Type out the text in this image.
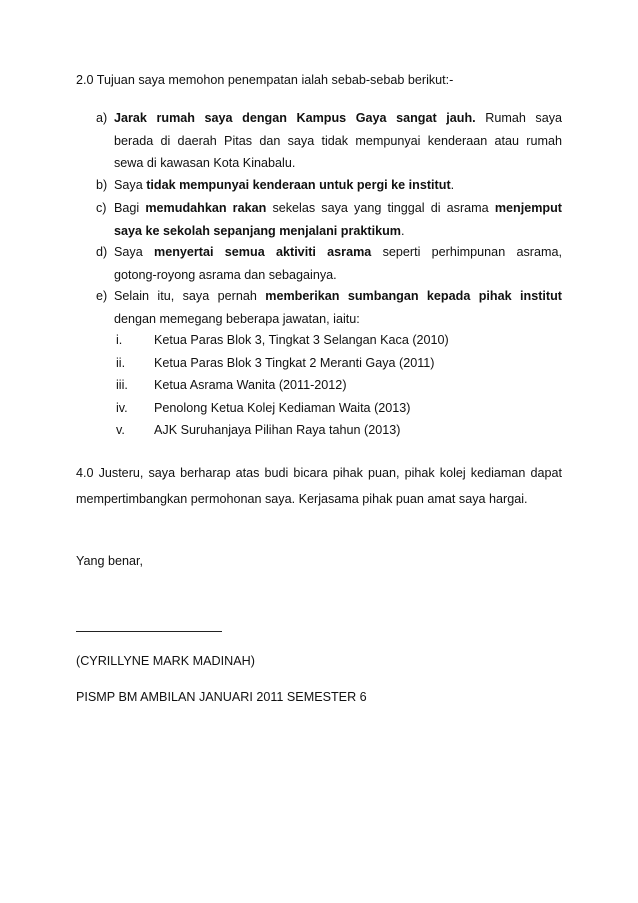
2.0 Tujuan saya memohon penempatan ialah sebab-sebab berikut:-

a) Jarak rumah saya dengan Kampus Gaya sangat jauh. Rumah saya
berada di daerah Pitas dan saya tidak mempunyai kenderaan atau rumah
sewa di kawasan Kota Kinabalu.
b) Saya tidak mempunyai kenderaan untuk pergi ke institut.
c) Bagi memudahkan rakan sekelas saya yang tinggal di asrama menjemput
saya ke sekolah sepanjang menjalani praktikum.
d) Saya menyertai semua aktiviti asrama seperti perhimpunan asrama,
gotong-royong asrama dan sebagainya.
e) Selain itu, saya pernah memberikan sumbangan kepada pihak institut
dengan memegang beberapa jawatan, iaitu:
i.	Ketua Paras Blok 3, Tingkat 3 Selangan Kaca (2010)
ii. Ketua Paras Blok 3 Tingkat 2 Meranti Gaya (2011)
iii. Ketua Asrama Wanita (2011-2012)
iv. Penolong Ketua Kolej Kediaman Waita (2013)
v. AJK Suruhanjaya Pilihan Raya tahun (2013)
4.0 Justeru, saya berharap atas budi bicara pihak puan, pihak kolej kediaman dapat
mempertimbangkan permohonan saya. Kerjasama pihak puan amat saya hargai.

Yang benar,

(CYRILLYNE MARK MADINAH)

PISMP BM AMBILAN JANUARI 2011 SEMESTER 6
